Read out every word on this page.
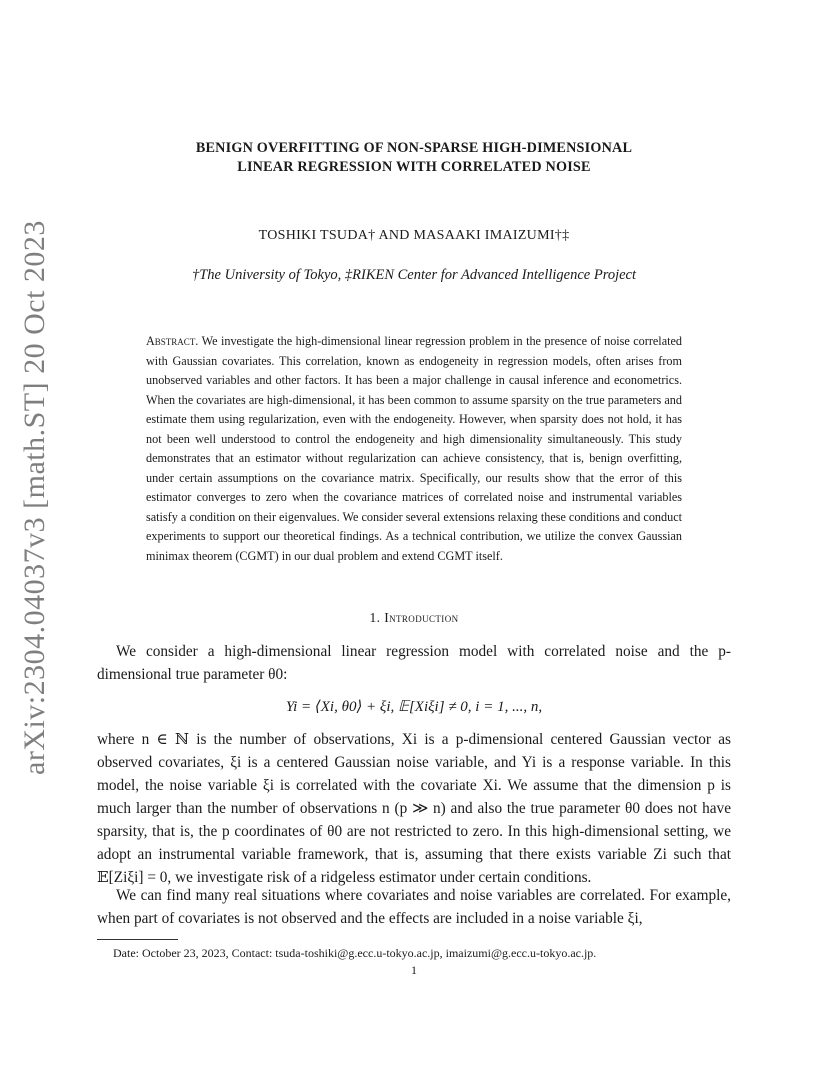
arXiv:2304.04037v3 [math.ST] 20 Oct 2023
BENIGN OVERFITTING OF NON-SPARSE HIGH-DIMENSIONAL
LINEAR REGRESSION WITH CORRELATED NOISE
TOSHIKI TSUDA† AND MASAAKI IMAIZUMI†‡
†The University of Tokyo, ‡RIKEN Center for Advanced Intelligence Project
Abstract. We investigate the high-dimensional linear regression problem in the presence of noise correlated with Gaussian covariates. This correlation, known as endogeneity in regression models, often arises from unobserved variables and other factors. It has been a major challenge in causal inference and econometrics. When the covariates are high-dimensional, it has been common to assume sparsity on the true parameters and estimate them using regularization, even with the endogeneity. However, when sparsity does not hold, it has not been well understood to control the endogeneity and high dimensionality simultaneously. This study demonstrates that an estimator without regularization can achieve consistency, that is, benign overfitting, under certain assumptions on the covariance matrix. Specifically, our results show that the error of this estimator converges to zero when the covariance matrices of correlated noise and instrumental variables satisfy a condition on their eigenvalues. We consider several extensions relaxing these conditions and conduct experiments to support our theoretical findings. As a technical contribution, we utilize the convex Gaussian minimax theorem (CGMT) in our dual problem and extend CGMT itself.
1. Introduction
We consider a high-dimensional linear regression model with correlated noise and the p-dimensional true parameter θ0:
Yi = ⟨Xi, θ0⟩ + ξi, 𝔼[Xiξi] ≠ 0, i = 1, ..., n,
where n ∈ ℕ is the number of observations, Xi is a p-dimensional centered Gaussian vector as observed covariates, ξi is a centered Gaussian noise variable, and Yi is a response variable. In this model, the noise variable ξi is correlated with the covariate Xi. We assume that the dimension p is much larger than the number of observations n (p ≫ n) and also the true parameter θ0 does not have sparsity, that is, the p coordinates of θ0 are not restricted to zero. In this high-dimensional setting, we adopt an instrumental variable framework, that is, assuming that there exists variable Zi such that 𝔼[Ziξi] = 0, we investigate risk of a ridgeless estimator under certain conditions.
We can find many real situations where covariates and noise variables are correlated. For example, when part of covariates is not observed and the effects are included in a noise variable ξi,
Date: October 23, 2023, Contact: tsuda-toshiki@g.ecc.u-tokyo.ac.jp, imaizumi@g.ecc.u-tokyo.ac.jp.
1
